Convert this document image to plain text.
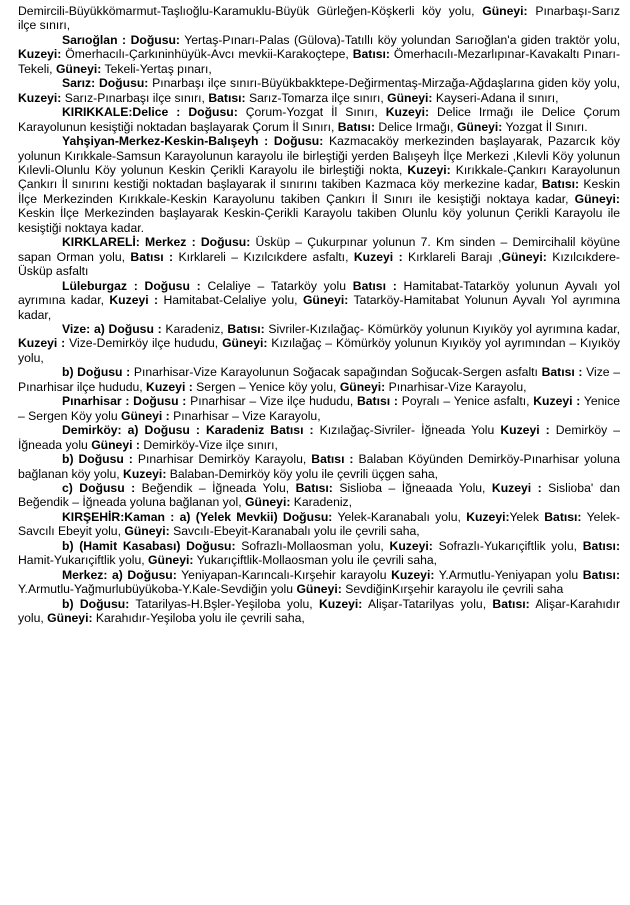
Demircili-Büyükkömarmut-Taşlıoğlu-Karamuklu-Büyük Gürleğen-Köşkerli köy yolu, Güneyi: Pınarbaşı-Sarız ilçe sınırı,

Sarıoğlan : Doğusu: Yertaş-Pınarı-Palas (Gülova)-Tatıllı köy yolundan Sarıoğlan'a giden traktör yolu, Kuzeyi: Ömerhacılı-Çarkıninhüyük-Avcı mevkii-Karakoçtepe, Batısı: Ömerhacılı-Mezarlıpınar-Kavakaltı Pınarı-Tekeli, Güneyi: Tekeli-Yertaş pınarı,

Sarız: Doğusu: Pınarbaşı ilçe sınırı-Büyükbakktepe-Değirmentaş-Mirzağa-Ağdaşlarına giden köy yolu, Kuzeyi: Sarız-Pınarbaşı ilçe sınırı, Batısı: Sarız-Tomarza ilçe sınırı, Güneyi: Kayseri-Adana il sınırı,

KIRIKKALE:Delice : Doğusu: Çorum-Yozgat İl Sınırı, Kuzeyi: Delice Irmağı ile Delice Çorum Karayolunun kesiştiği noktadan başlayarak Çorum İl Sınırı, Batısı: Delice Irmağı, Güneyi: Yozgat İl Sınırı.

Yahşiyan-Merkez-Keskin-Balışeyh : Doğusu: Kazmacaköy merkezinden başlayarak, Pazarcık köy yolunun Kırıkkale-Samsun Karayolunun karayolu ile birleştiği yerden Balışeyh İlçe Merkezi ,Kılevli Köy yolunun Kılevli-Olunlu Köy yolunun Keskin Çerikli Karayolu ile birleştiği nokta, Kuzeyi: Kırıkkale-Çankırı Karayolunun Çankırı İl sınırını kestiği noktadan başlayarak il sınırını takiben Kazmaca köy merkezine kadar, Batısı: Keskin İlçe Merkezinden Kırıkkale-Keskin Karayolunu takiben Çankırı İl Sınırı ile kesiştiği noktaya kadar, Güneyi: Keskin İlçe Merkezinden başlayarak Keskin-Çerikli Karayolu takiben Olunlu köy yolunun Çerikli Karayolu ile kesiştiği noktaya kadar.

KIRKLARELİ: Merkez : Doğusu: Üsküp – Çukurpınar yolunun 7. Km sinden – Demircihalil köyüne sapan Orman yolu, Batısı : Kırklareli – Kızılcıkdere asfaltı, Kuzeyi : Kırklareli Barajı ,Güneyi: Kızılcıkdere-Üsküp asfaltı

Lüleburgaz : Doğusu : Celaliye – Tatarköy yolu Batısı : Hamitabat-Tatarköy yolunun Ayvalı yol ayrımına kadar, Kuzeyi : Hamitabat-Celaliye yolu, Güneyi: Tatarköy-Hamitabat Yolunun Ayvalı Yol ayrımına kadar,

Vize: a) Doğusu : Karadeniz, Batısı: Sivriler-Kızılağaç- Kömürköy yolunun Kıyıköy yol ayrımına kadar, Kuzeyi : Vize-Demirköy ilçe hududu, Güneyi: Kızılağaç – Kömürköy yolunun Kıyıköy yol ayrımından – Kıyıköy yolu,

b) Doğusu : Pınarhisar-Vize Karayolunun Soğacak sapağından Soğucak-Sergen asfaltı Batısı : Vize – Pınarhisar ilçe hududu, Kuzeyi : Sergen – Yenice köy yolu, Güneyi: Pınarhisar-Vize Karayolu,

Pınarhisar : Doğusu : Pınarhisar – Vize ilçe hududu, Batısı : Poyralı – Yenice asfaltı, Kuzeyi : Yenice – Sergen Köy yolu Güneyi : Pınarhisar – Vize Karayolu,

Demirköy: a) Doğusu : Karadeniz Batısı : Kızılağaç-Sivriler- İğneada Yolu Kuzeyi : Demirköy – İğneada yolu Güneyi : Demirköy-Vize ilçe sınırı,

b) Doğusu : Pınarhisar Demirköy Karayolu, Batısı : Balaban Köyünden Demirköy-Pınarhisar yoluna bağlanan köy yolu, Kuzeyi: Balaban-Demirköy köy yolu ile çevrili üçgen saha,

c) Doğusu : Beğendik – İğneada Yolu, Batısı: Sislioba – İğneaada Yolu, Kuzeyi : Sislioba' dan Beğendik – İğneada yoluna bağlanan yol, Güneyi: Karadeniz,

KIRŞEHİR:Kaman : a) (Yelek Mevkii) Doğusu: Yelek-Karanabalı yolu, Kuzeyi:Yelek Batısı: Yelek-Savcılı Ebeyit yolu, Güneyi: Savcılı-Ebeyit-Karanabalı yolu ile çevrili saha,

b) (Hamit Kasabası) Doğusu: Sofrazlı-Mollaosman yolu, Kuzeyi: Sofrazlı-Yukarıçiftlik yolu, Batısı: Hamit-Yukarıçiftlik yolu, Güneyi: Yukarıçiftlik-Mollaosman yolu ile çevrili saha,

Merkez: a) Doğusu: Yeniyapan-Karıncalı-Kırşehir karayolu Kuzeyi: Y.Armutlu-Yeniyapan yolu Batısı: Y.Armutlu-Yağmurlubüyükoba-Y.Kale-Sevdiğin yolu Güneyi: SevdiğinKırşehir karayolu ile çevrili saha

b) Doğusu: Tatarilyas-H.Bşler-Yeşiloba yolu, Kuzeyi: Alişar-Tatarilyas yolu, Batısı: Alişar-Karahıdır yolu, Güneyi: Karahıdır-Yeşiloba yolu ile çevrili saha,
